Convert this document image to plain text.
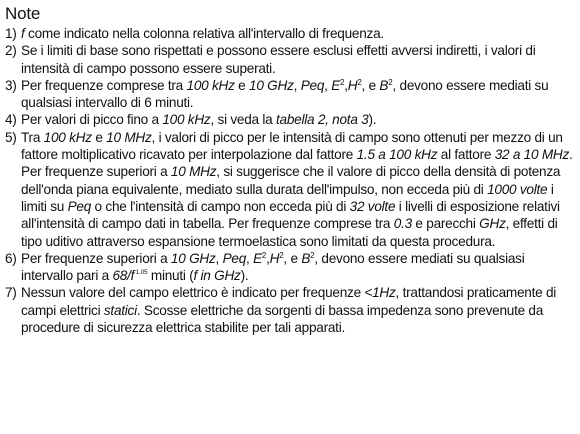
Note
1) f come indicato nella colonna relativa all'intervallo di frequenza.
2) Se i limiti di base sono rispettati e possono essere esclusi effetti avversi indiretti, i valori di intensità di campo possono essere superati.
3) Per frequenze comprese tra 100 kHz e 10 GHz, Peq, $E^2,H^2$, e $B^2$, devono essere mediati su qualsiasi intervallo di 6 minuti.
4) Per valori di picco fino a 100 kHz, si veda la tabella 2, nota 3).
5) Tra 100 kHz e 10 MHz, i valori di picco per le intensità di campo sono ottenuti per mezzo di un fattore moltiplicativo ricavato per interpolazione dal fattore 1.5 a 100 kHz al fattore 32 a 10 MHz. Per frequenze superiori a 10 MHz, si suggerisce che il valore di picco della densità di potenza dell'onda piana equivalente, mediato sulla durata dell'impulso, non ecceda più di 1000 volte i limiti su Peq o che l'intensità di campo non ecceda più di 32 volte i livelli di esposizione relativi all'intensità di campo dati in tabella. Per frequenze comprese tra 0.3 e parecchi GHz, effetti di tipo uditivo attraverso espansione termoelastica sono limitati da questa procedura.
6) Per frequenze superiori a 10 GHz, Peq, $E^2,H^2$, e $B^2$, devono essere mediati su qualsiasi intervallo pari a 68/f $^{1.05}$ minuti (f in GHz).
7) Nessun valore del campo elettrico è indicato per frequenze <1Hz, trattandosi praticamente di campi elettrici statici. Scosse elettriche da sorgenti di bassa impedenza sono prevenute da procedure di sicurezza elettrica stabilite per tali apparati.
